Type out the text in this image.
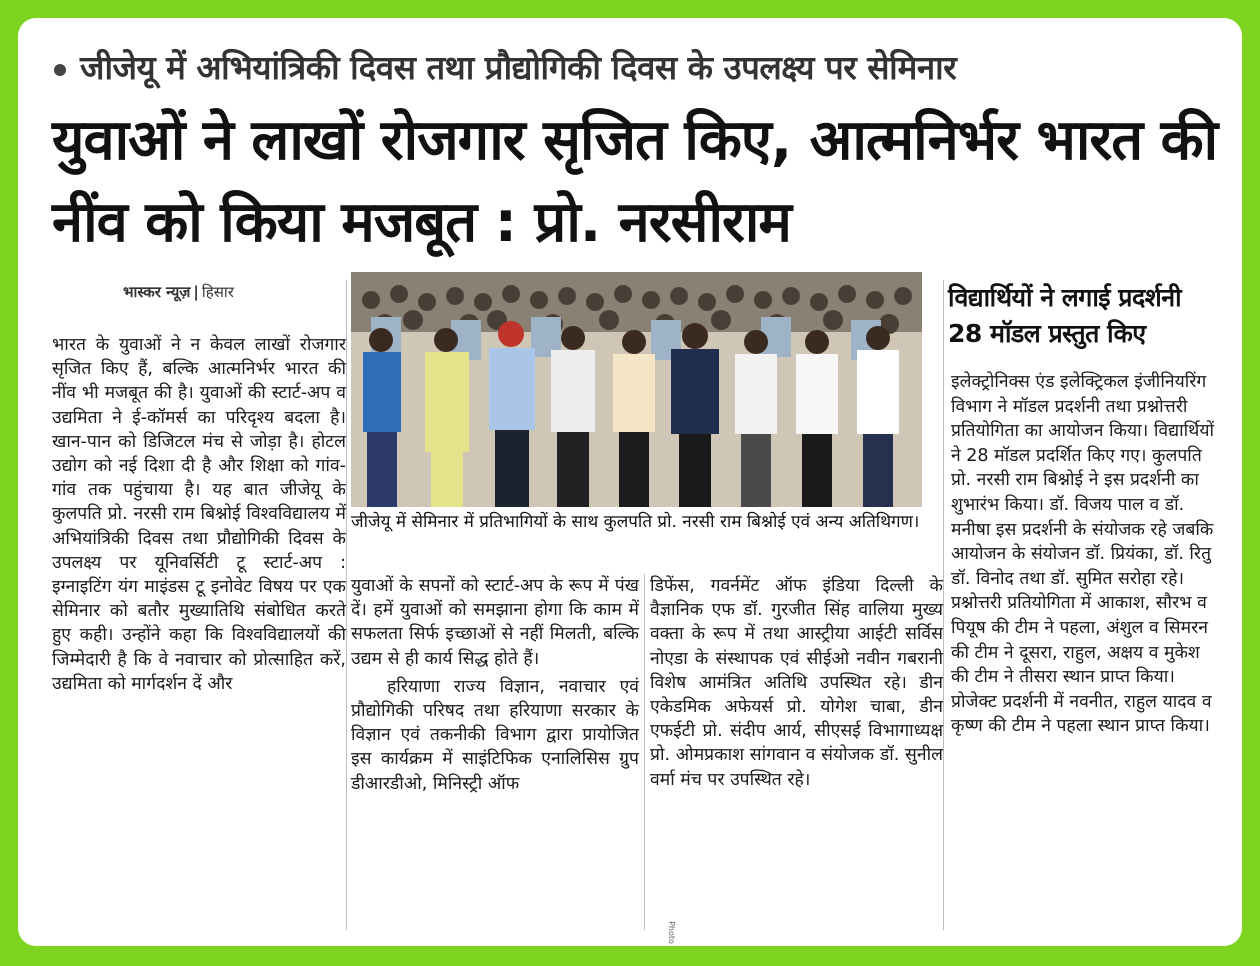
जीजेयू में अभियांत्रिकी दिवस तथा प्रौद्योगिकी दिवस के उपलक्ष्य पर सेमिनार
युवाओं ने लाखों रोजगार सृजित किए, आत्मनिर्भर भारत की नींव को किया मजबूत : प्रो. नरसीराम
भास्कर न्यूज़ | हिसार
भारत के युवाओं ने न केवल लाखों रोजगार सृजित किए हैं, बल्कि आत्मनिर्भर भारत की नींव भी मजबूत की है। युवाओं की स्टार्ट-अप व उद्यमिता ने ई-कॉमर्स का परिदृश्य बदला है। खान-पान को डिजिटल मंच से जोड़ा है। होटल उद्योग को नई दिशा दी है और शिक्षा को गांव-गांव तक पहुंचाया है। यह बात जीजेयू के कुलपति प्रो. नरसी राम बिश्नोई विश्वविद्यालय में अभियांत्रिकी दिवस तथा प्रौद्योगिकी दिवस के उपलक्ष्य पर यूनिवर्सिटी टू स्टार्ट-अप : इग्नाइटिंग यंग माइंडस टू इनोवेट विषय पर एक सेमिनार को बतौर मुख्यातिथि संबोधित करते हुए कही। उन्होंने कहा कि विश्वविद्यालयों की जिम्मेदारी है कि वे नवाचार को प्रोत्साहित करें, उद्यमिता को मार्गदर्शन दें और
जीजेयू में सेमिनार में प्रतिभागियों के साथ कुलपति प्रो. नरसी राम बिश्नोई एवं अन्य अतिथिगण।
युवाओं के सपनों को स्टार्ट-अप के रूप में पंख दें। हमें युवाओं को समझाना होगा कि काम में सफलता सिर्फ इच्छाओं से नहीं मिलती, बल्कि उद्यम से ही कार्य सिद्ध होते हैं।
हरियाणा राज्य विज्ञान, नवाचार एवं प्रौद्योगिकी परिषद तथा हरियाणा सरकार के विज्ञान एवं तकनीकी विभाग द्वारा प्रायोजित इस कार्यक्रम में साइंटिफिक एनालिसिस ग्रुप डीआरडीओ, मिनिस्ट्री ऑफ
डिफेंस, गवर्नमेंट ऑफ इंडिया दिल्ली के वैज्ञानिक एफ डॉ. गुरजीत सिंह वालिया मुख्य वक्ता के रूप में तथा आस्ट्रीया आईटी सर्विस नोएडा के संस्थापक एवं सीईओ नवीन गबरानी विशेष आमंत्रित अतिथि उपस्थित रहे। डीन एकेडमिक अफेयर्स प्रो. योगेश चाबा, डीन एफईटी प्रो. संदीप आर्य, सीएसई विभागाध्यक्ष प्रो. ओमप्रकाश सांगवान व संयोजक डॉ. सुनील वर्मा मंच पर उपस्थित रहे।
विद्यार्थियों ने लगाई प्रदर्शनी 28 मॉडल प्रस्तुत किए
इलेक्ट्रोनिक्स एंड इलेक्ट्रिकल इंजीनियरिंग विभाग ने मॉडल प्रदर्शनी तथा प्रश्नोत्तरी प्रतियोगिता का आयोजन किया। विद्यार्थियों ने 28 मॉडल प्रदर्शित किए गए। कुलपति प्रो. नरसी राम बिश्नोई ने इस प्रदर्शनी का शुभारंभ किया। डॉ. विजय पाल व डॉ. मनीषा इस प्रदर्शनी के संयोजक रहे जबकि आयोजन के संयोजन डॉ. प्रियंका, डॉ. रितु डॉ. विनोद तथा डॉ. सुमित सरोहा रहे। प्रश्नोत्तरी प्रतियोगिता में आकाश, सौरभ व पियूष की टीम ने पहला, अंशुल व सिमरन की टीम ने दूसरा, राहुल, अक्षय व मुकेश की टीम ने तीसरा स्थान प्राप्त किया। प्रोजेक्ट प्रदर्शनी में नवनीत, राहुल यादव व कृष्ण की टीम ने पहला स्थान प्राप्त किया।
Photo
